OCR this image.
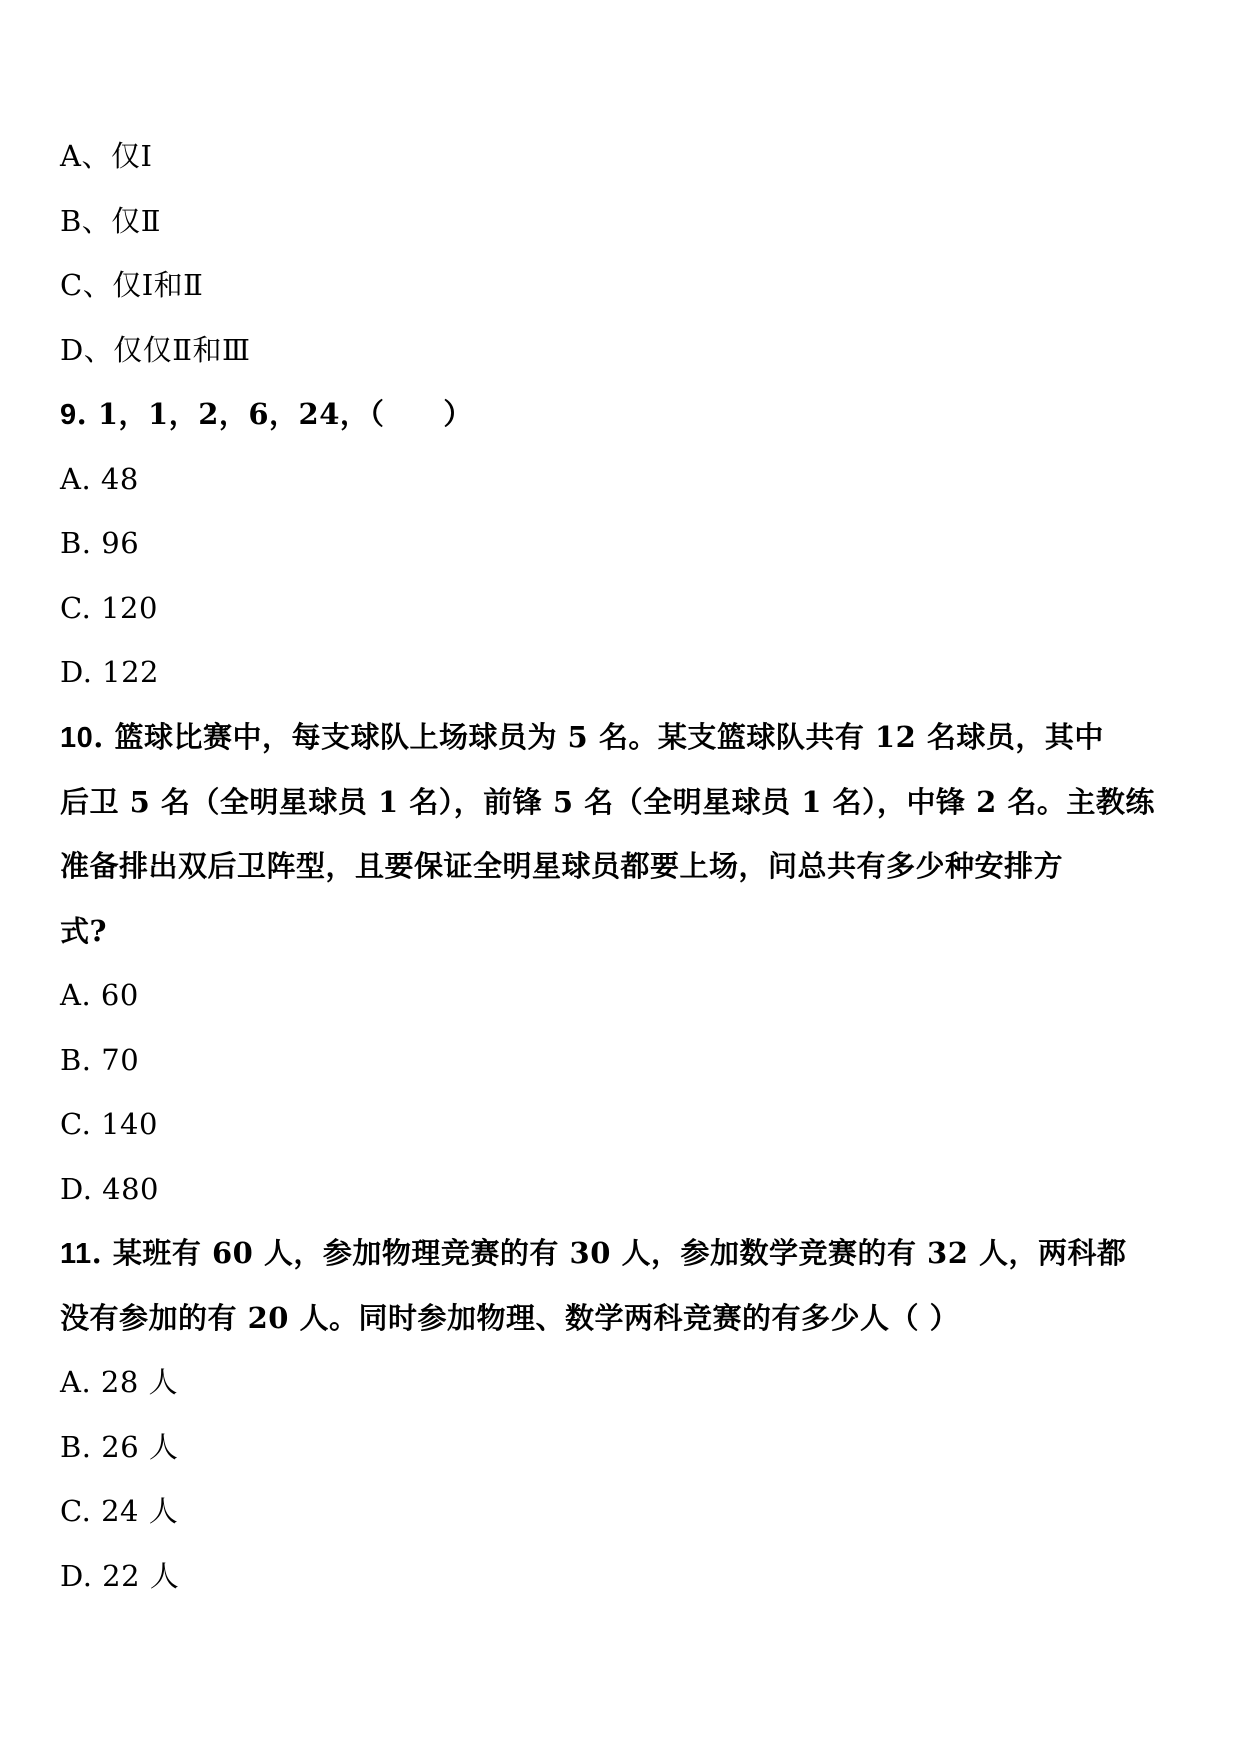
A、仅Ⅰ
B、仅Ⅱ
C、仅Ⅰ和Ⅱ
D、仅仅Ⅱ和Ⅲ
9. 1，1，2，6，24，（　　）
A. 48
B. 96
C. 120
D. 122
10. 篮球比赛中，每支球队上场球员为 5 名。某支篮球队共有 12 名球员，其中
后卫 5 名（全明星球员 1 名），前锋 5 名（全明星球员 1 名），中锋 2 名。主教练
准备排出双后卫阵型，且要保证全明星球员都要上场，问总共有多少种安排方
式?
A. 60
B. 70
C. 140
D. 480
11. 某班有 60 人，参加物理竞赛的有 30 人，参加数学竞赛的有 32 人，两科都
没有参加的有 20 人。同时参加物理、数学两科竞赛的有多少人（ ）
A. 28 人
B. 26 人
C. 24 人
D. 22 人
